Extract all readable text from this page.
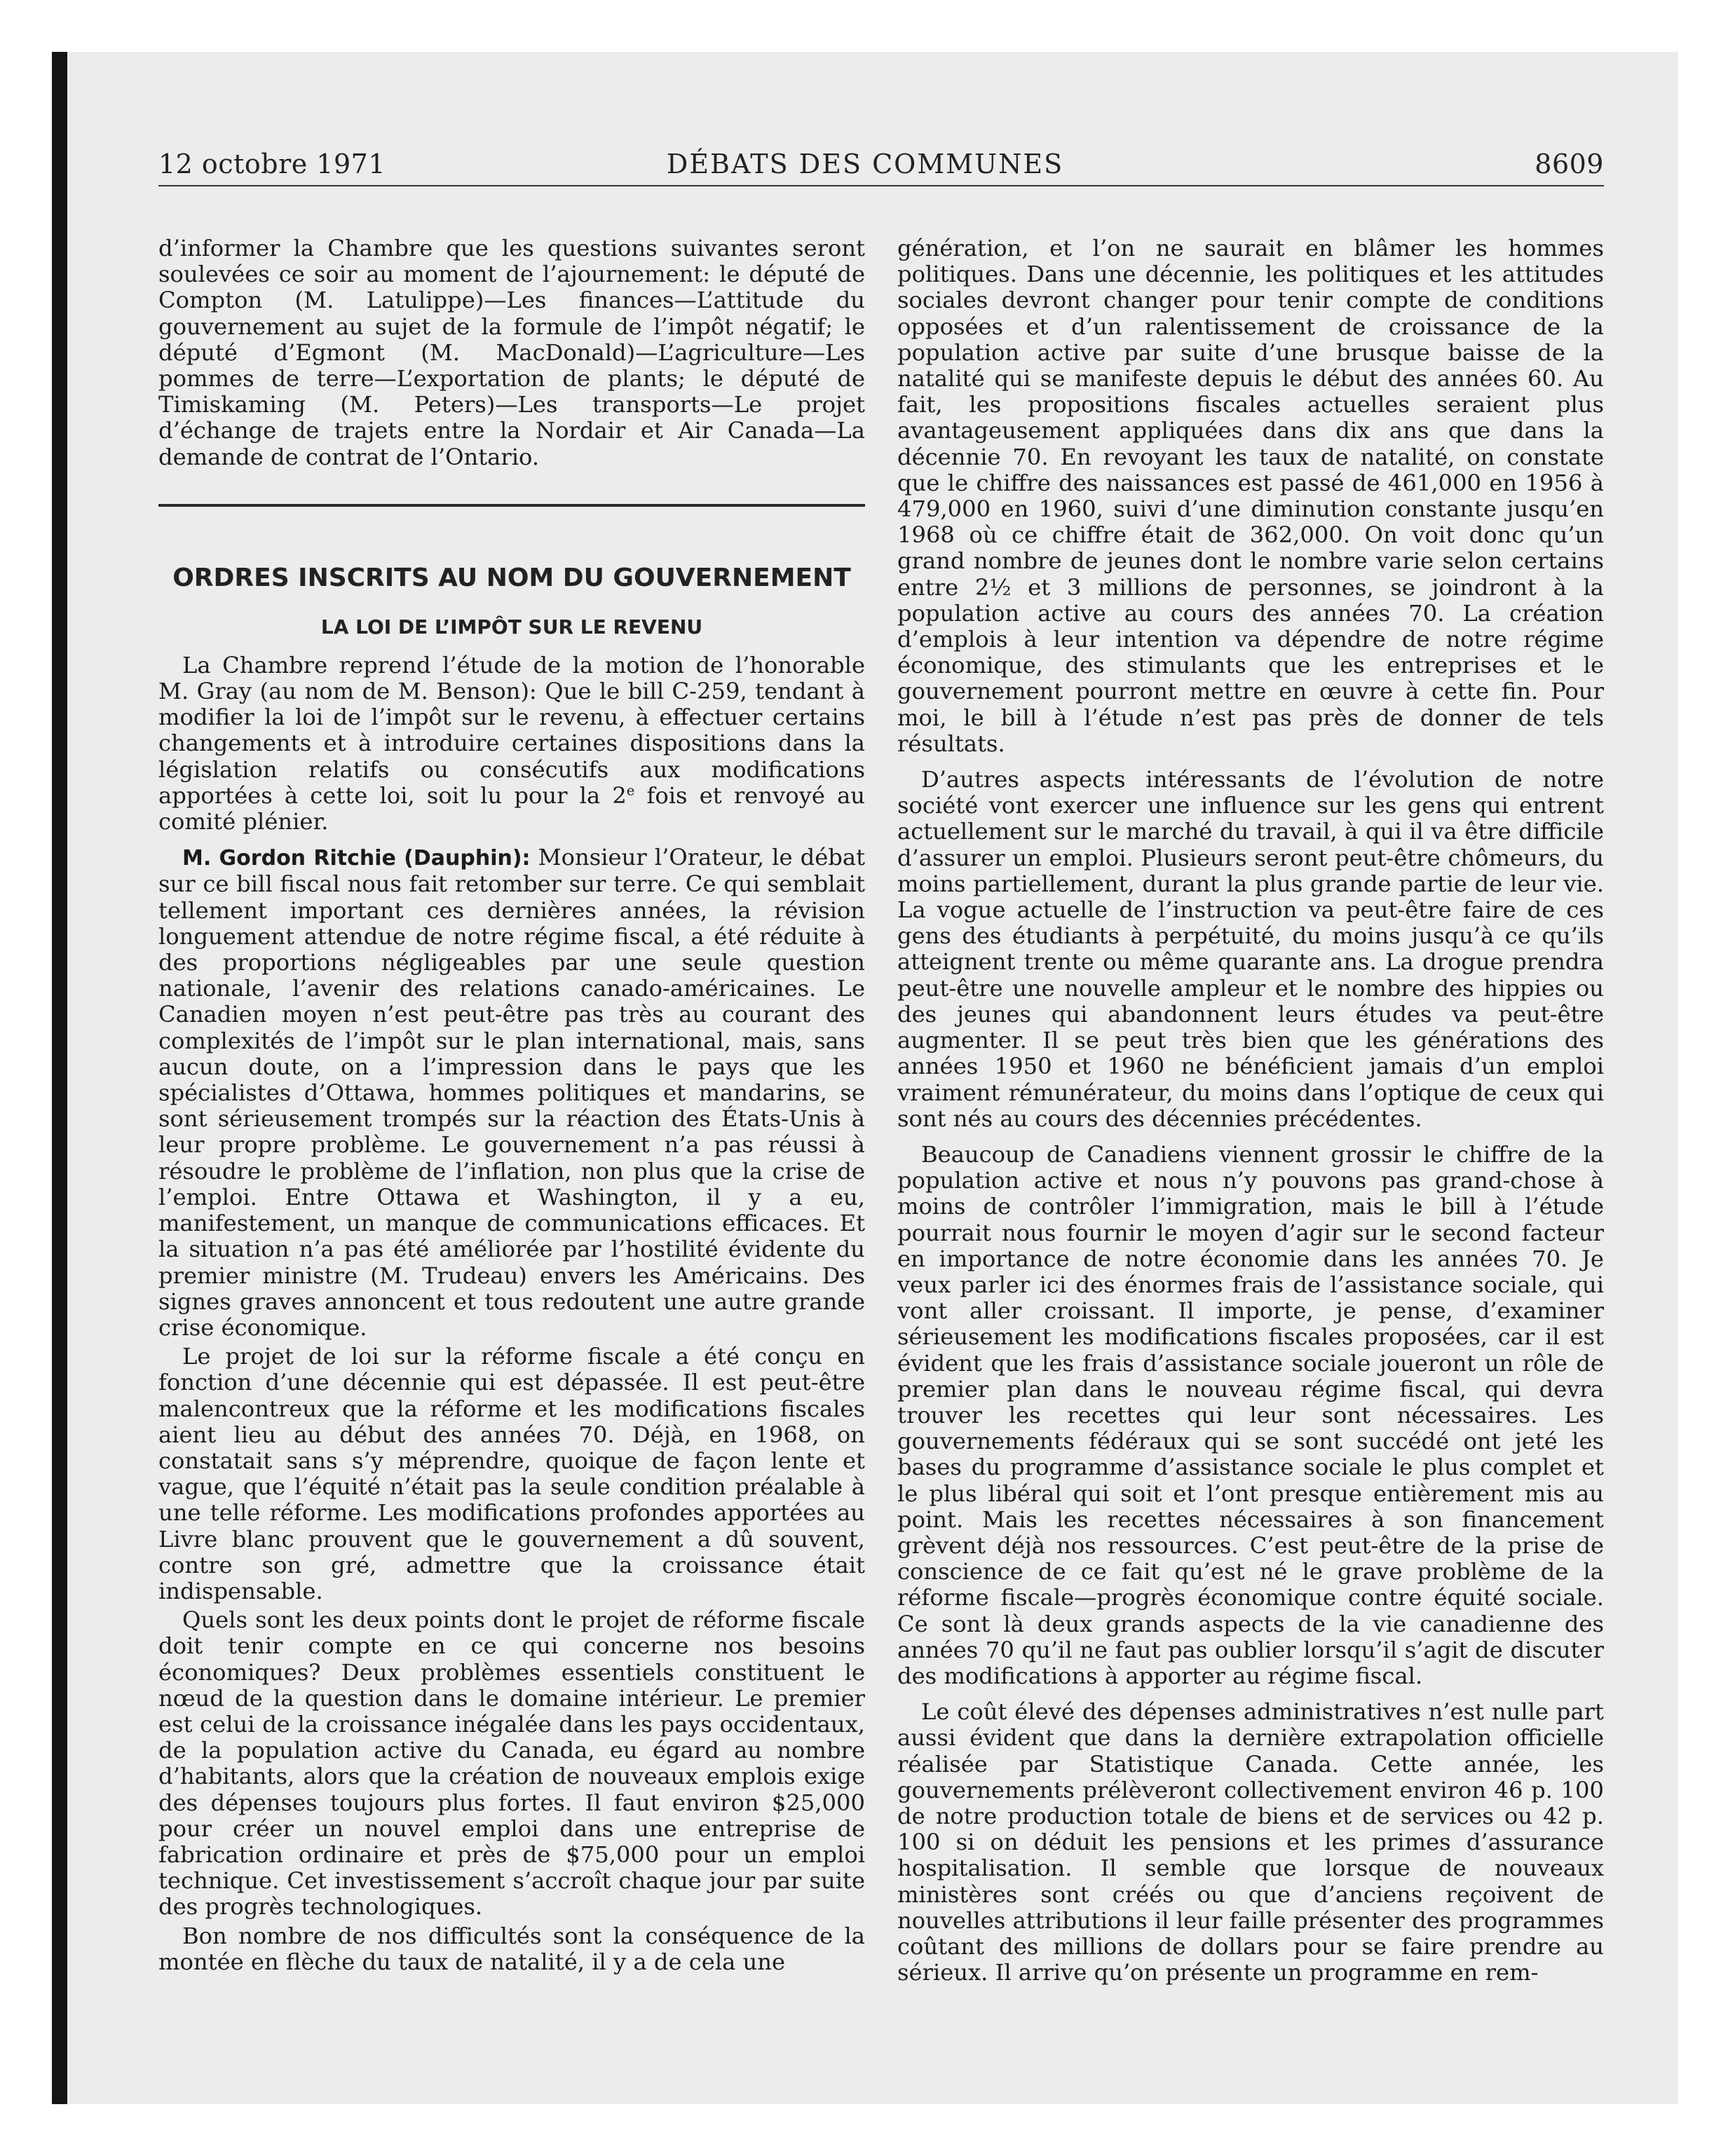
12 octobre 1971	DÉBATS DES COMMUNES	8609

d’informer la Chambre que les questions suivantes seront soulevées ce soir au moment de l’ajournement: le député de Compton (M. Latulippe)—Les finances—L’attitude du gouvernement au sujet de la formule de l’impôt négatif; le député d’Egmont (M. MacDonald)—L’agriculture—Les pommes de terre—L’exportation de plants; le député de Timiskaming (M. Peters)—Les transports—Le projet d’échange de trajets entre la Nordair et Air Canada—La demande de contrat de l’Ontario.

ORDRES INSCRITS AU NOM DU GOUVERNEMENT
LA LOI DE L’IMPÔT SUR LE REVENU

La Chambre reprend l’étude de la motion de l’honorable M. Gray (au nom de M. Benson): Que le bill C-259, tendant à modifier la loi de l’impôt sur le revenu, à effectuer certains changements et à introduire certaines dispositions dans la législation relatifs ou consécutifs aux modifications apportées à cette loi, soit lu pour la 2e fois et renvoyé au comité plénier.

M. Gordon Ritchie (Dauphin): Monsieur l’Orateur, le débat sur ce bill fiscal nous fait retomber sur terre. Ce qui semblait tellement important ces dernières années, la révision longuement attendue de notre régime fiscal, a été réduite à des proportions négligeables par une seule question nationale, l’avenir des relations canado-américaines. Le Canadien moyen n’est peut-être pas très au courant des complexités de l’impôt sur le plan international, mais, sans aucun doute, on a l’impression dans le pays que les spécialistes d’Ottawa, hommes politiques et mandarins, se sont sérieusement trompés sur la réaction des États-Unis à leur propre problème. Le gouvernement n’a pas réussi à résoudre le problème de l’inflation, non plus que la crise de l’emploi. Entre Ottawa et Washington, il y a eu, manifestement, un manque de communications efficaces. Et la situation n’a pas été améliorée par l’hostilité évidente du premier ministre (M. Trudeau) envers les Américains. Des signes graves annoncent et tous redoutent une autre grande crise économique.

Le projet de loi sur la réforme fiscale a été conçu en fonction d’une décennie qui est dépassée. Il est peut-être malencontreux que la réforme et les modifications fiscales aient lieu au début des années 70. Déjà, en 1968, on constatait sans s’y méprendre, quoique de façon lente et vague, que l’équité n’était pas la seule condition préalable à une telle réforme. Les modifications profondes apportées au Livre blanc prouvent que le gouvernement a dû souvent, contre son gré, admettre que la croissance était indispensable.

Quels sont les deux points dont le projet de réforme fiscale doit tenir compte en ce qui concerne nos besoins économiques? Deux problèmes essentiels constituent le nœud de la question dans le domaine intérieur. Le premier est celui de la croissance inégalée dans les pays occidentaux, de la population active du Canada, eu égard au nombre d’habitants, alors que la création de nouveaux emplois exige des dépenses toujours plus fortes. Il faut environ $25,000 pour créer un nouvel emploi dans une entreprise de fabrication ordinaire et près de $75,000 pour un emploi technique. Cet investissement s’accroît chaque jour par suite des progrès technologiques.

Bon nombre de nos difficultés sont la conséquence de la montée en flèche du taux de natalité, il y a de cela une

génération, et l’on ne saurait en blâmer les hommes politiques. Dans une décennie, les politiques et les attitudes sociales devront changer pour tenir compte de conditions opposées et d’un ralentissement de croissance de la population active par suite d’une brusque baisse de la natalité qui se manifeste depuis le début des années 60. Au fait, les propositions fiscales actuelles seraient plus avantageusement appliquées dans dix ans que dans la décennie 70. En revoyant les taux de natalité, on constate que le chiffre des naissances est passé de 461,000 en 1956 à 479,000 en 1960, suivi d’une diminution constante jusqu’en 1968 où ce chiffre était de 362,000. On voit donc qu’un grand nombre de jeunes dont le nombre varie selon certains entre 2½ et 3 millions de personnes, se joindront à la population active au cours des années 70. La création d’emplois à leur intention va dépendre de notre régime économique, des stimulants que les entreprises et le gouvernement pourront mettre en œuvre à cette fin. Pour moi, le bill à l’étude n’est pas près de donner de tels résultats.

D’autres aspects intéressants de l’évolution de notre société vont exercer une influence sur les gens qui entrent actuellement sur le marché du travail, à qui il va être difficile d’assurer un emploi. Plusieurs seront peut-être chômeurs, du moins partiellement, durant la plus grande partie de leur vie. La vogue actuelle de l’instruction va peut-être faire de ces gens des étudiants à perpétuité, du moins jusqu’à ce qu’ils atteignent trente ou même quarante ans. La drogue prendra peut-être une nouvelle ampleur et le nombre des hippies ou des jeunes qui abandonnent leurs études va peut-être augmenter. Il se peut très bien que les générations des années 1950 et 1960 ne bénéficient jamais d’un emploi vraiment rémunérateur, du moins dans l’optique de ceux qui sont nés au cours des décennies précédentes.

Beaucoup de Canadiens viennent grossir le chiffre de la population active et nous n’y pouvons pas grand-chose à moins de contrôler l’immigration, mais le bill à l’étude pourrait nous fournir le moyen d’agir sur le second facteur en importance de notre économie dans les années 70. Je veux parler ici des énormes frais de l’assistance sociale, qui vont aller croissant. Il importe, je pense, d’examiner sérieusement les modifications fiscales proposées, car il est évident que les frais d’assistance sociale joueront un rôle de premier plan dans le nouveau régime fiscal, qui devra trouver les recettes qui leur sont nécessaires. Les gouvernements fédéraux qui se sont succédé ont jeté les bases du programme d’assistance sociale le plus complet et le plus libéral qui soit et l’ont presque entièrement mis au point. Mais les recettes nécessaires à son financement grèvent déjà nos ressources. C’est peut-être de la prise de conscience de ce fait qu’est né le grave problème de la réforme fiscale—progrès économique contre équité sociale. Ce sont là deux grands aspects de la vie canadienne des années 70 qu’il ne faut pas oublier lorsqu’il s’agit de discuter des modifications à apporter au régime fiscal.

Le coût élevé des dépenses administratives n’est nulle part aussi évident que dans la dernière extrapolation officielle réalisée par Statistique Canada. Cette année, les gouvernements prélèveront collectivement environ 46 p. 100 de notre production totale de biens et de services ou 42 p. 100 si on déduit les pensions et les primes d’assurance hospitalisation. Il semble que lorsque de nouveaux ministères sont créés ou que d’anciens reçoivent de nouvelles attributions il leur faille présenter des programmes coûtant des millions de dollars pour se faire prendre au sérieux. Il arrive qu’on présente un programme en rem-
